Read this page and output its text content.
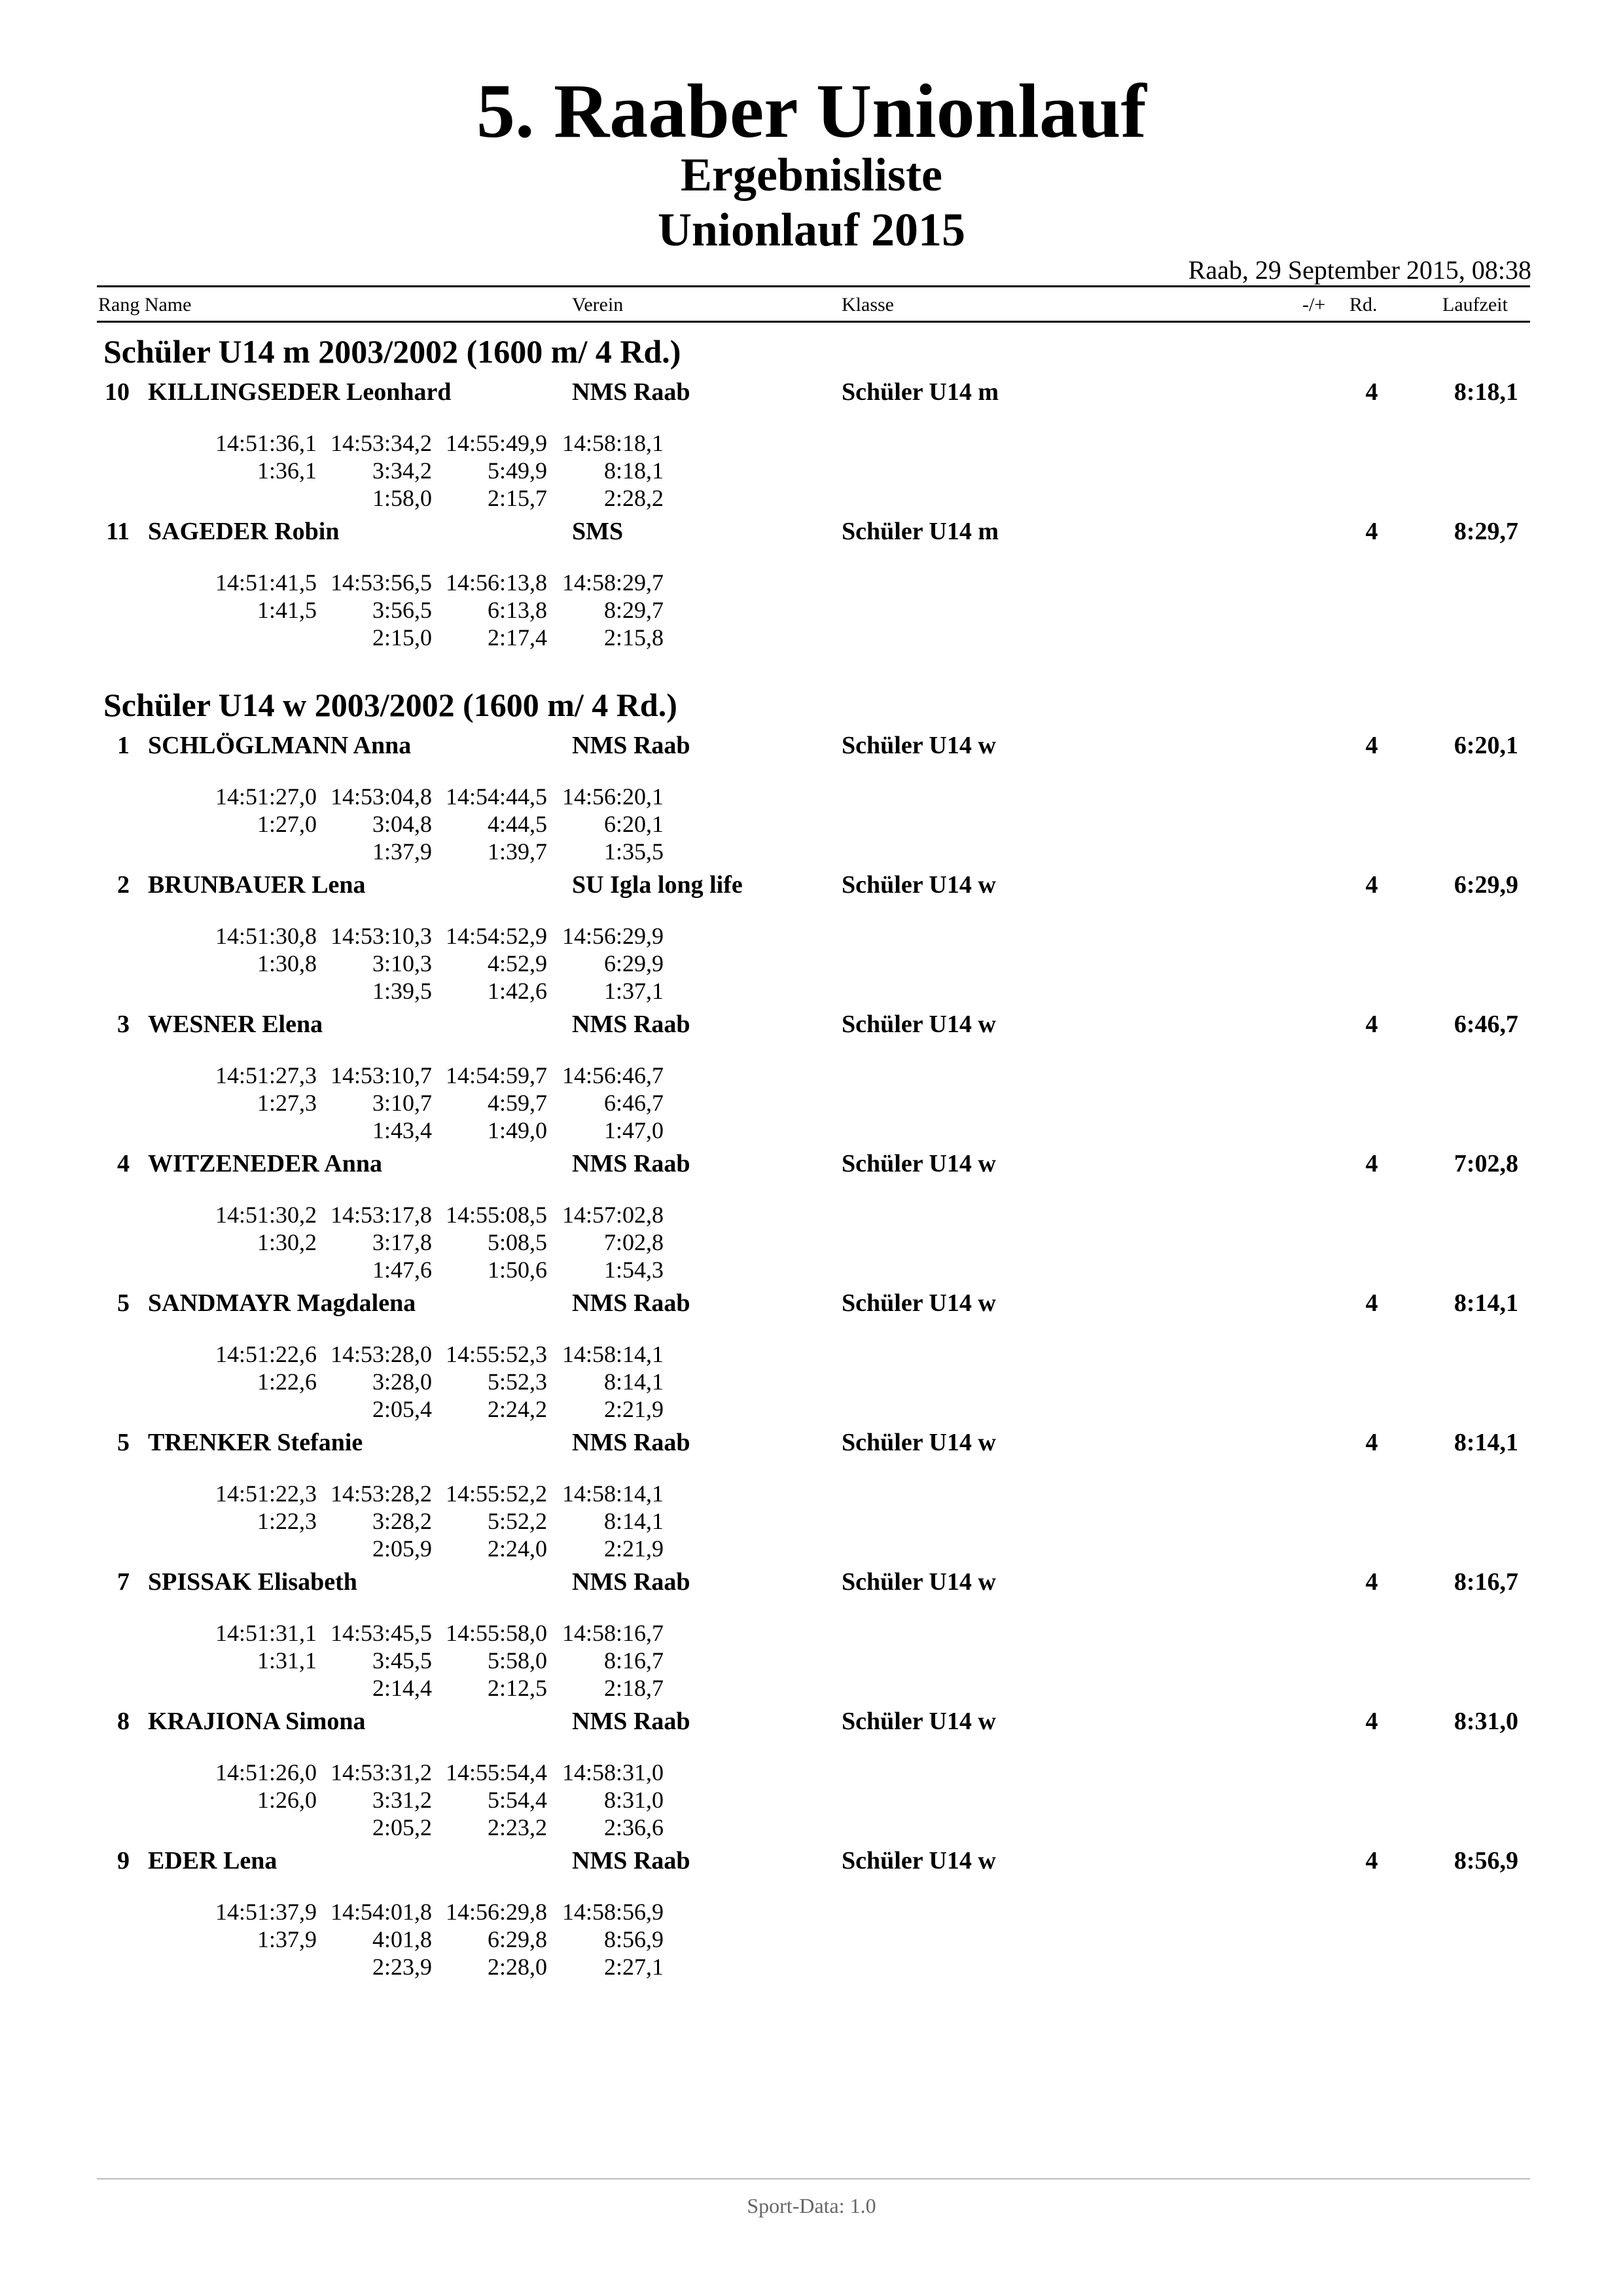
5. Raaber Unionlauf
Ergebnisliste
Unionlauf 2015
Raab, 29 September 2015, 08:38
Rang Name	Verein	Klasse	-/+ Rd.	Laufzeit
Schüler U14 m 2003/2002 (1600 m/ 4 Rd.)
10 KILLINGSEDER Leonhard	NMS Raab	Schüler U14 m	4	8:18,1
14:51:36,1 14:53:34,2 14:55:49,9 14:58:18,1
1:36,1	3:34,2	5:49,9	8:18,1
1:58,0	2:15,7	2:28,2
11 SAGEDER Robin	SMS	Schüler U14 m	4	8:29,7
14:51:41,5 14:53:56,5 14:56:13,8 14:58:29,7
1:41,5	3:56,5	6:13,8	8:29,7
2:15,0	2:17,4	2:15,8
Schüler U14 w 2003/2002 (1600 m/ 4 Rd.)
1 SCHLÖGLMANN Anna	NMS Raab	Schüler U14 w	4	6:20,1
14:51:27,0 14:53:04,8 14:54:44,5 14:56:20,1
1:27,0	3:04,8	4:44,5	6:20,1
1:37,9	1:39,7	1:35,5
2 BRUNBAUER Lena	SU Igla long life	Schüler U14 w	4	6:29,9
14:51:30,8 14:53:10,3 14:54:52,9 14:56:29,9
1:30,8	3:10,3	4:52,9	6:29,9
1:39,5	1:42,6	1:37,1
3 WESNER Elena	NMS Raab	Schüler U14 w	4	6:46,7
14:51:27,3 14:53:10,7 14:54:59,7 14:56:46,7
1:27,3	3:10,7	4:59,7	6:46,7
1:43,4	1:49,0	1:47,0
4 WITZENEDER Anna	NMS Raab	Schüler U14 w	4	7:02,8
14:51:30,2 14:53:17,8 14:55:08,5 14:57:02,8
1:30,2	3:17,8	5:08,5	7:02,8
1:47,6	1:50,6	1:54,3
5 SANDMAYR Magdalena	NMS Raab	Schüler U14 w	4	8:14,1
14:51:22,6 14:53:28,0 14:55:52,3 14:58:14,1
1:22,6	3:28,0	5:52,3	8:14,1
2:05,4	2:24,2	2:21,9
5 TRENKER Stefanie	NMS Raab	Schüler U14 w	4	8:14,1
14:51:22,3 14:53:28,2 14:55:52,2 14:58:14,1
1:22,3	3:28,2	5:52,2	8:14,1
2:05,9	2:24,0	2:21,9
7 SPISSAK Elisabeth	NMS Raab	Schüler U14 w	4	8:16,7
14:51:31,1 14:53:45,5 14:55:58,0 14:58:16,7
1:31,1	3:45,5	5:58,0	8:16,7
2:14,4	2:12,5	2:18,7
8 KRAJIONA Simona	NMS Raab	Schüler U14 w	4	8:31,0
14:51:26,0 14:53:31,2 14:55:54,4 14:58:31,0
1:26,0	3:31,2	5:54,4	8:31,0
2:05,2	2:23,2	2:36,6
9 EDER Lena	NMS Raab	Schüler U14 w	4	8:56,9
14:51:37,9 14:54:01,8 14:56:29,8 14:58:56,9
1:37,9	4:01,8	6:29,8	8:56,9
2:23,9	2:28,0	2:27,1
Sport-Data: 1.0
